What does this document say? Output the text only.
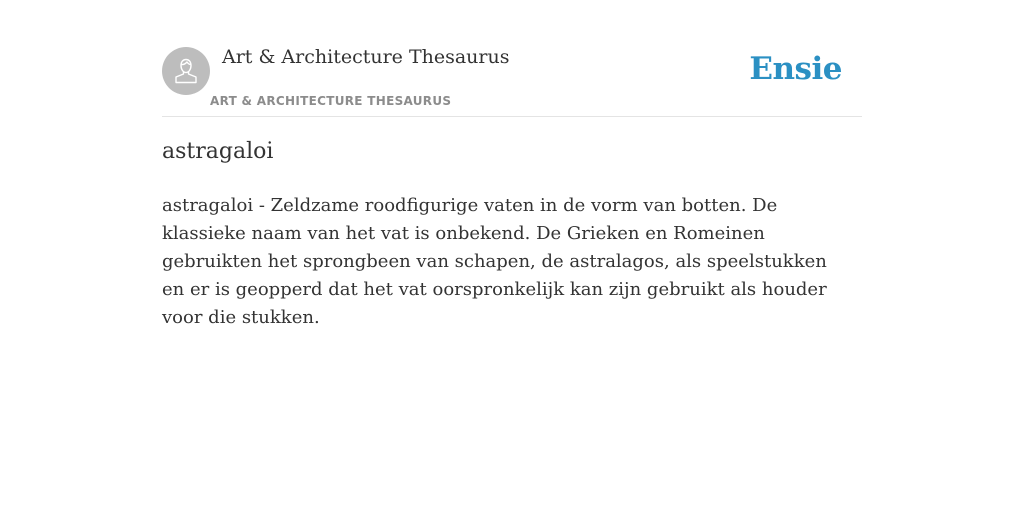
Art & Architecture Thesaurus
ART & ARCHITECTURE THESAURUS
Ensie
astragaloi

astragaloi - Zeldzame roodfigurige vaten in de vorm van botten. De klassieke naam van het vat is onbekend. De Grieken en Romeinen gebruikten het sprongbeen van schapen, de astralagos, als speelstukken en er is geopperd dat het vat oorspronkelijk kan zijn gebruikt als houder voor die stukken.
